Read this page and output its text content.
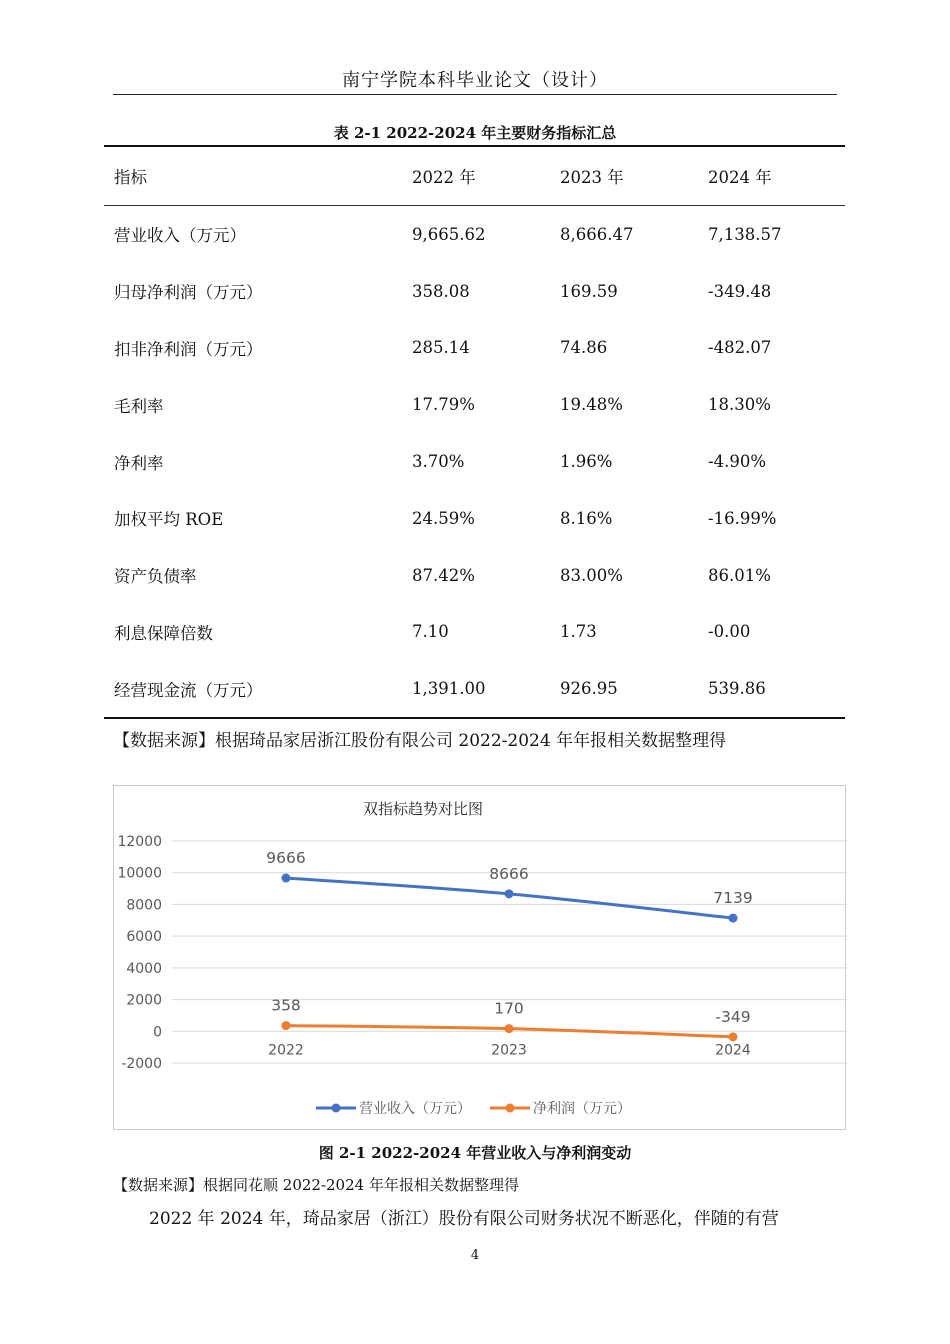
南宁学院本科毕业论文（设计）
表 2-1 2022-2024 年主要财务指标汇总
指标	2022 年	2023 年	2024 年
营业收入（万元）	9,665.62	8,666.47	7,138.57
归母净利润（万元）	358.08	169.59	-349.48
扣非净利润（万元）	285.14	74.86	-482.07
毛利率	17.79%	19.48%	18.30%
净利率	3.70%	1.96%	-4.90%
加权平均 ROE	24.59%	8.16%	-16.99%
资产负债率	87.42%	83.00%	86.01%
利息保障倍数	7.10	1.73	-0.00
经营现金流（万元）	1,391.00	926.95	539.86
【数据来源】根据琦品家居浙江股份有限公司 2022-2024 年年报相关数据整理得
双指标趋势对比图
-2000
0
2000
4000
6000
8000
10000
12000
2022	2023	2024
9666
8666
7139
358	170	-349
营业收入（万元）	净利润（万元）
图 2-1 2022-2024 年营业收入与净利润变动
【数据来源】根据同花顺 2022-2024 年年报相关数据整理得
2022 年 2024 年，琦品家居（浙江）股份有限公司财务状况不断恶化，伴随的有营
4
